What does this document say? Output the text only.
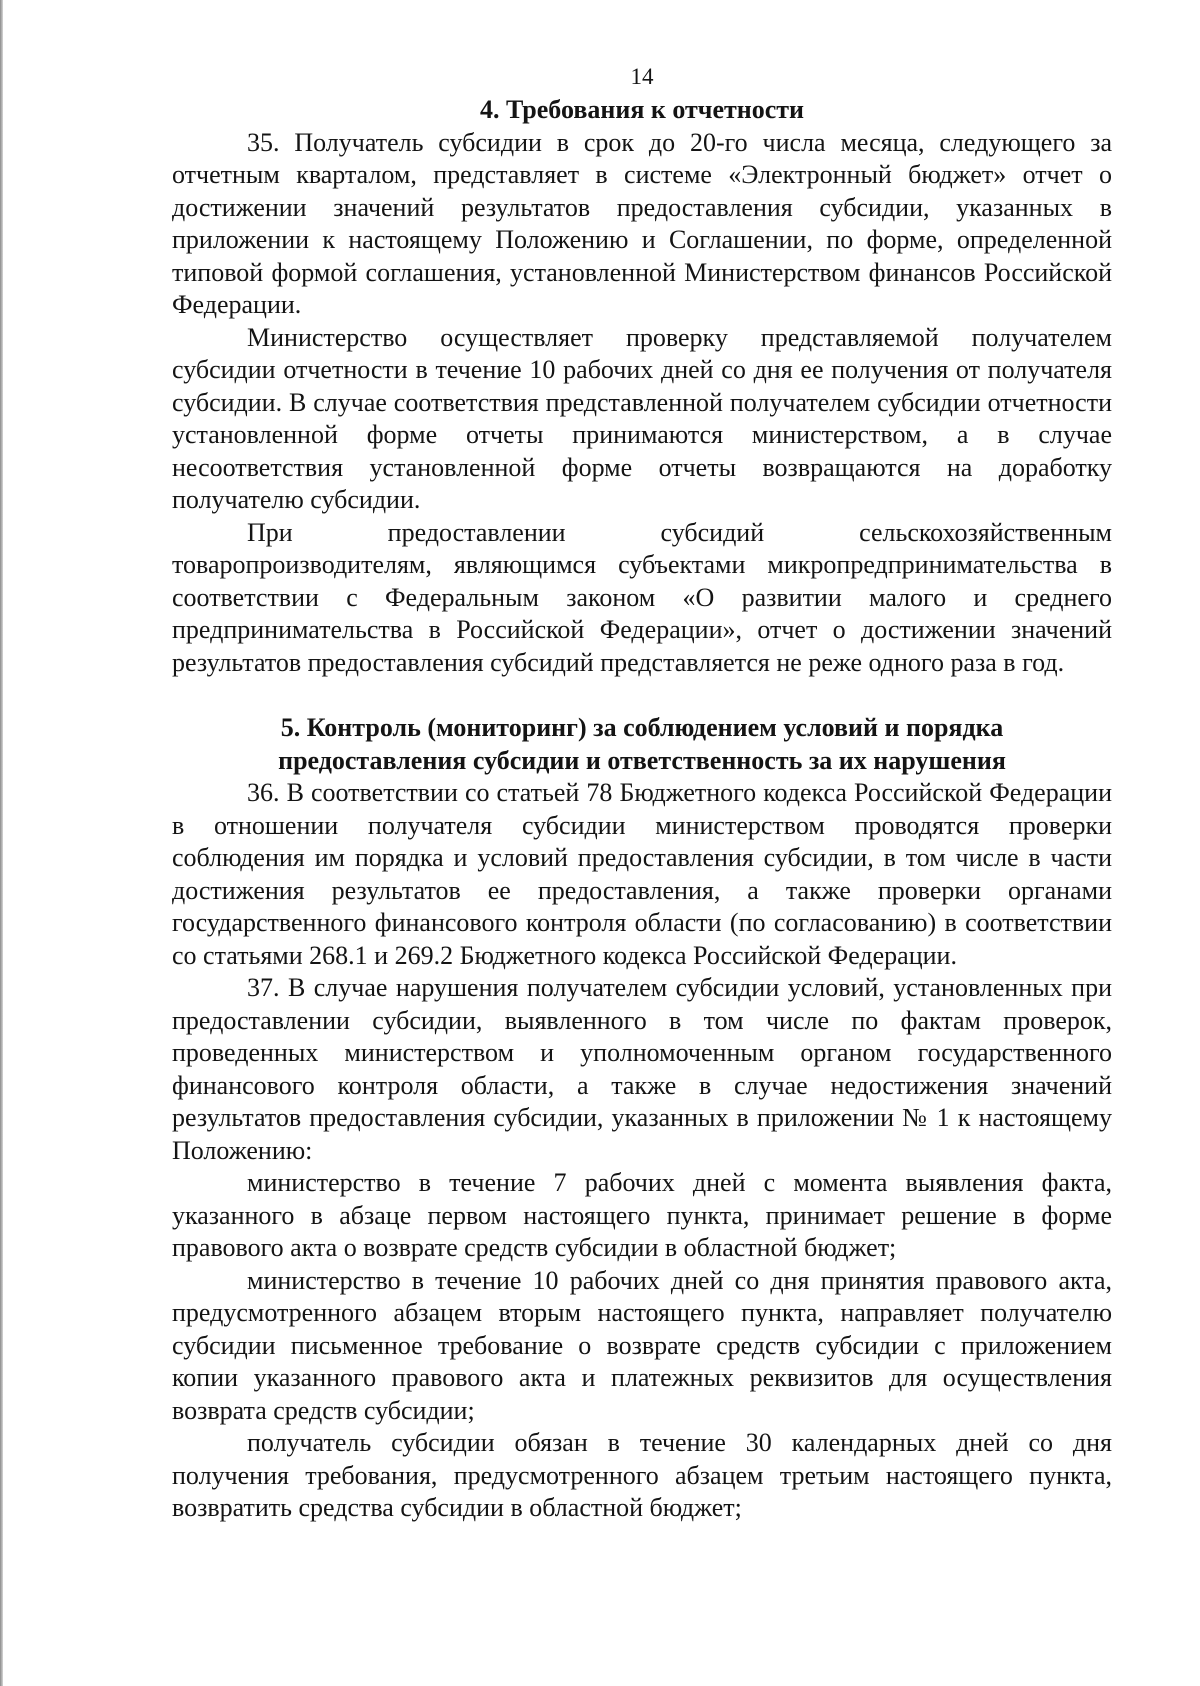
14
4. Требования к отчетности

35. Получатель субсидии в срок до 20-го числа месяца, следующего за отчетным кварталом, представляет в системе «Электронный бюджет» отчет о достижении значений результатов предоставления субсидии, указанных в приложении к настоящему Положению и Соглашении, по форме, определенной типовой формой соглашения, установленной Министерством финансов Российской Федерации.

Министерство осуществляет проверку представляемой получателем субсидии отчетности в течение 10 рабочих дней со дня ее получения от получателя субсидии. В случае соответствия представленной получателем субсидии отчетности установленной форме отчеты принимаются министерством, а в случае несоответствия установленной форме отчеты возвращаются на доработку получателю субсидии.

При предоставлении субсидий сельскохозяйственным товаропроизводителям, являющимся субъектами микропредпринимательства в соответствии с Федеральным законом «О развитии малого и среднего предпринимательства в Российской Федерации», отчет о достижении значений результатов предоставления субсидий представляется не реже одного раза в год.

5. Контроль (мониторинг) за соблюдением условий и порядка
предоставления субсидии и ответственность за их нарушения

36. В соответствии со статьей 78 Бюджетного кодекса Российской Федерации в отношении получателя субсидии министерством проводятся проверки соблюдения им порядка и условий предоставления субсидии, в том числе в части достижения результатов ее предоставления, а также проверки органами государственного финансового контроля области (по согласованию) в соответствии со статьями 268.1 и 269.2 Бюджетного кодекса Российской Федерации.

37. В случае нарушения получателем субсидии условий, установленных при предоставлении субсидии, выявленного в том числе по фактам проверок, проведенных министерством и уполномоченным органом государственного финансового контроля области, а также в случае недостижения значений результатов предоставления субсидии, указанных в приложении № 1 к настоящему Положению:

министерство в течение 7 рабочих дней с момента выявления факта, указанного в абзаце первом настоящего пункта, принимает решение в форме правового акта о возврате средств субсидии в областной бюджет;

министерство в течение 10 рабочих дней со дня принятия правового акта, предусмотренного абзацем вторым настоящего пункта, направляет получателю субсидии письменное требование о возврате средств субсидии с приложением копии указанного правового акта и платежных реквизитов для осуществления возврата средств субсидии;

получатель субсидии обязан в течение 30 календарных дней со дня получения требования, предусмотренного абзацем третьим настоящего пункта, возвратить средства субсидии в областной бюджет;
